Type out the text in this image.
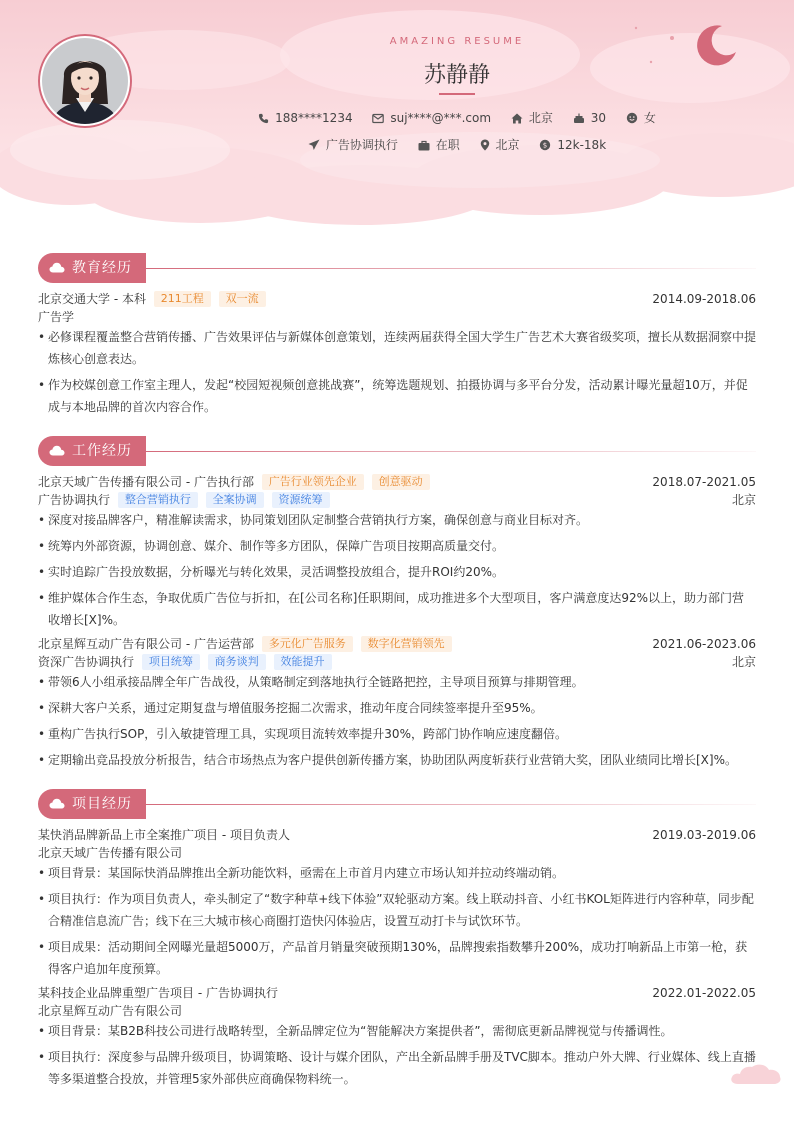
AMAZING RESUME
苏静静
188****1234	suj****@***.com	北京	30	女
广告协调执行	在职	北京	$ 12k-18k
教育经历
北京交通大学 - 本科 211工程 双一流	2014.09-2018.06
广告学
• 必修课程覆盖整合营销传播、广告效果评估与新媒体创意策划，连续两届获得全国大学生广告艺术大赛省级奖项，擅长从数据洞察中提炼核心创意表达。
• 作为校媒创意工作室主理人，发起“校园短视频创意挑战赛”，统筹选题规划、拍摄协调与多平台分发，活动累计曝光量超10万，并促成与本地品牌的首次内容合作。
工作经历
北京天域广告传播有限公司 - 广告执行部 广告行业领先企业 创意驱动	2018.07-2021.05
广告协调执行 整合营销执行 全案协调 资源统筹	北京
• 深度对接品牌客户，精准解读需求，协同策划团队定制整合营销执行方案，确保创意与商业目标对齐。
• 统筹内外部资源，协调创意、媒介、制作等多方团队，保障广告项目按期高质量交付。
• 实时追踪广告投放数据，分析曝光与转化效果，灵活调整投放组合，提升ROI约20%。
• 维护媒体合作生态，争取优质广告位与折扣，在[公司名称]任职期间，成功推进多个大型项目，客户满意度达92%以上，助力部门营收增长[X]%。
北京星辉互动广告有限公司 - 广告运营部 多元化广告服务 数字化营销领先	2021.06-2023.06
资深广告协调执行 项目统筹 商务谈判 效能提升	北京
• 带领6人小组承接品牌全年广告战役，从策略制定到落地执行全链路把控，主导项目预算与排期管理。
• 深耕大客户关系，通过定期复盘与增值服务挖掘二次需求，推动年度合同续签率提升至95%。
• 重构广告执行SOP，引入敏捷管理工具，实现项目流转效率提升30%，跨部门协作响应速度翻倍。
• 定期输出竞品投放分析报告，结合市场热点为客户提供创新传播方案，协助团队两度斩获行业营销大奖，团队业绩同比增长[X]%。
项目经历
某快消品牌新品上市全案推广项目 - 项目负责人	2019.03-2019.06
北京天域广告传播有限公司
• 项目背景：某国际快消品牌推出全新功能饮料，亟需在上市首月内建立市场认知并拉动终端动销。
• 项目执行：作为项目负责人，牵头制定了“数字种草+线下体验”双轮驱动方案。线上联动抖音、小红书KOL矩阵进行内容种草，同步配合精准信息流广告；线下在三大城市核心商圈打造快闪体验店，设置互动打卡与试饮环节。
• 项目成果：活动期间全网曝光量超5000万，产品首月销量突破预期130%，品牌搜索指数攀升200%，成功打响新品上市第一枪，获得客户追加年度预算。
某科技企业品牌重塑广告项目 - 广告协调执行	2022.01-2022.05
北京星辉互动广告有限公司
• 项目背景：某B2B科技公司进行战略转型，全新品牌定位为“智能解决方案提供者”，需彻底更新品牌视觉与传播调性。
• 项目执行：深度参与品牌升级项目，协调策略、设计与媒介团队，产出全新品牌手册及TVC脚本。推动户外大牌、行业媒体、线上直播等多渠道整合投放，并管理5家外部供应商确保物料统一。
